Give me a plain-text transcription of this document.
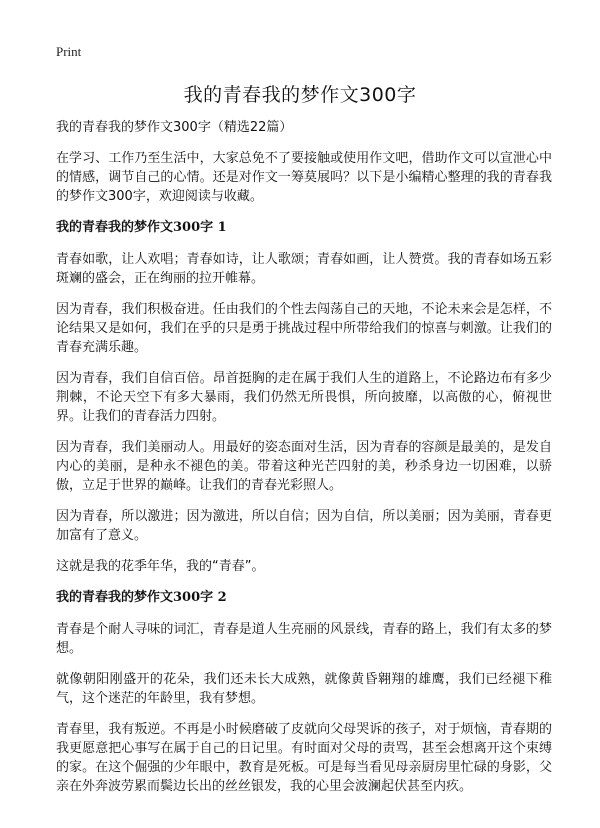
Print
我的青春我的梦作文300字

我的青春我的梦作文300字（精选22篇）

在学习、工作乃至生活中，大家总免不了要接触或使用作文吧，借助作文可以宣泄心中的情感，调节自己的心情。还是对作文一筹莫展吗？以下是小编精心整理的我的青春我的梦作文300字，欢迎阅读与收藏。

我的青春我的梦作文300字 1

青春如歌，让人欢唱；青春如诗，让人歌颂；青春如画，让人赞赏。我的青春如场五彩斑斓的盛会，正在绚丽的拉开帷幕。

因为青春，我们积极奋进。任由我们的个性去闯荡自己的天地，不论未来会是怎样，不论结果又是如何，我们在乎的只是勇于挑战过程中所带给我们的惊喜与刺激。让我们的青春充满乐趣。

因为青春，我们自信百倍。昂首挺胸的走在属于我们人生的道路上，不论路边布有多少荆棘，不论天空下有多大暴雨，我们仍然无所畏惧，所向披靡，以高傲的心，俯视世界。让我们的青春活力四射。

因为青春，我们美丽动人。用最好的姿态面对生活，因为青春的容颜是最美的，是发自内心的美丽，是种永不褪色的美。带着这种光芒四射的美，秒杀身边一切困难，以骄傲，立足于世界的巅峰。让我们的青春光彩照人。

因为青春，所以激进；因为激进，所以自信；因为自信，所以美丽；因为美丽，青春更加富有了意义。

这就是我的花季年华，我的“青春”。

我的青春我的梦作文300字 2

青春是个耐人寻味的词汇，青春是道人生亮丽的风景线，青春的路上，我们有太多的梦想。

就像朝阳刚盛开的花朵，我们还未长大成熟，就像黄昏翱翔的雄鹰，我们已经褪下稚气，这个迷茫的年龄里，我有梦想。

青春里，我有叛逆。不再是小时候磨破了皮就向父母哭诉的孩子，对于烦恼，青春期的我更愿意把心事写在属于自己的日记里。有时面对父母的责骂，甚至会想离开这个束缚的家。在这个倔强的少年眼中，教育是死板。可是每当看见母亲厨房里忙碌的身影，父亲在外奔波劳累而鬓边长出的丝丝银发，我的心里会波澜起伏甚至内疚。
